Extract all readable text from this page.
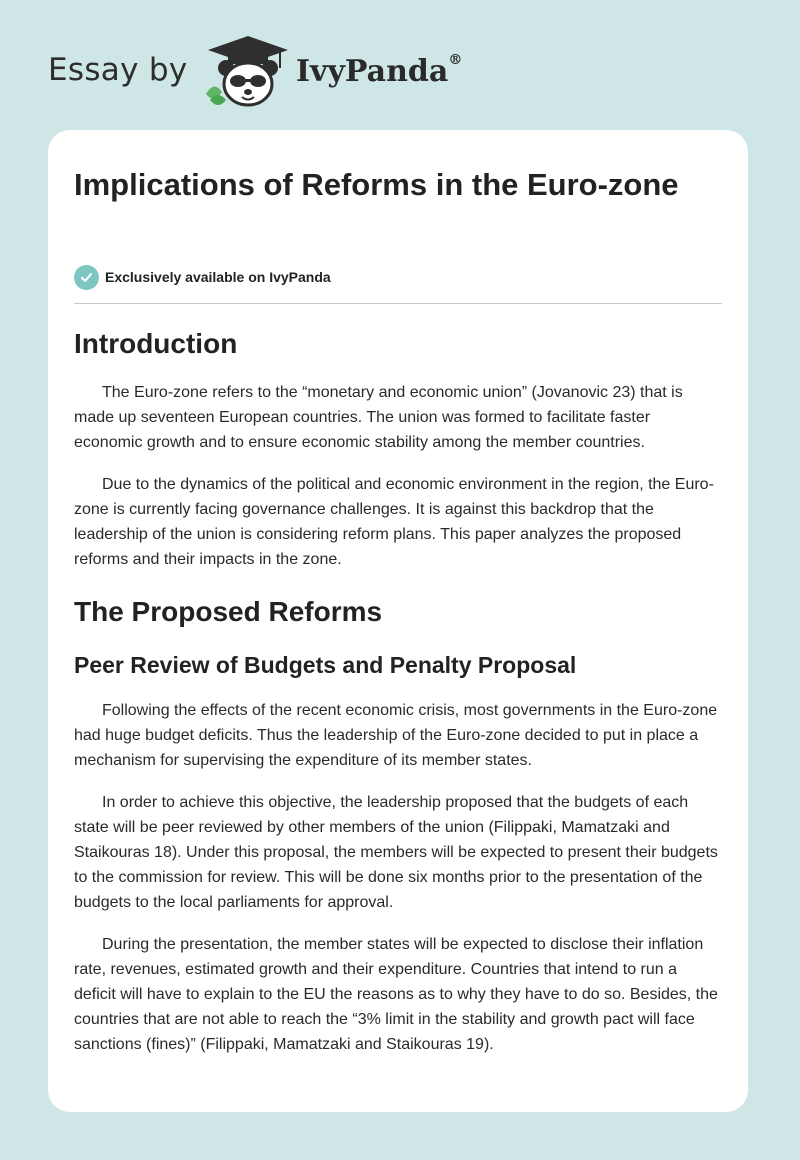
Essay by	IvyPanda®
Implications of Reforms in the Euro-zone
Exclusively available on IvyPanda
Introduction

The Euro-zone refers to the “monetary and economic union” (Jovanovic 23) that is made up seventeen European countries. The union was formed to facilitate faster economic growth and to ensure economic stability among the member countries.

Due to the dynamics of the political and economic environment in the region, the Euro-zone is currently facing governance challenges. It is against this backdrop that the leadership of the union is considering reform plans. This paper analyzes the proposed reforms and their impacts in the zone.

The Proposed Reforms
Peer Review of Budgets and Penalty Proposal

Following the effects of the recent economic crisis, most governments in the Euro-zone had huge budget deficits. Thus the leadership of the Euro-zone decided to put in place a mechanism for supervising the expenditure of its member states.

In order to achieve this objective, the leadership proposed that the budgets of each state will be peer reviewed by other members of the union (Filippaki, Mamatzaki and Staikouras 18). Under this proposal, the members will be expected to present their budgets to the commission for review. This will be done six months prior to the presentation of the budgets to the local parliaments for approval.

During the presentation, the member states will be expected to disclose their inflation rate, revenues, estimated growth and their expenditure. Countries that intend to run a deficit will have to explain to the EU the reasons as to why they have to do so. Besides, the countries that are not able to reach the “3% limit in the stability and growth pact will face sanctions (fines)” (Filippaki, Mamatzaki and Staikouras 19).
